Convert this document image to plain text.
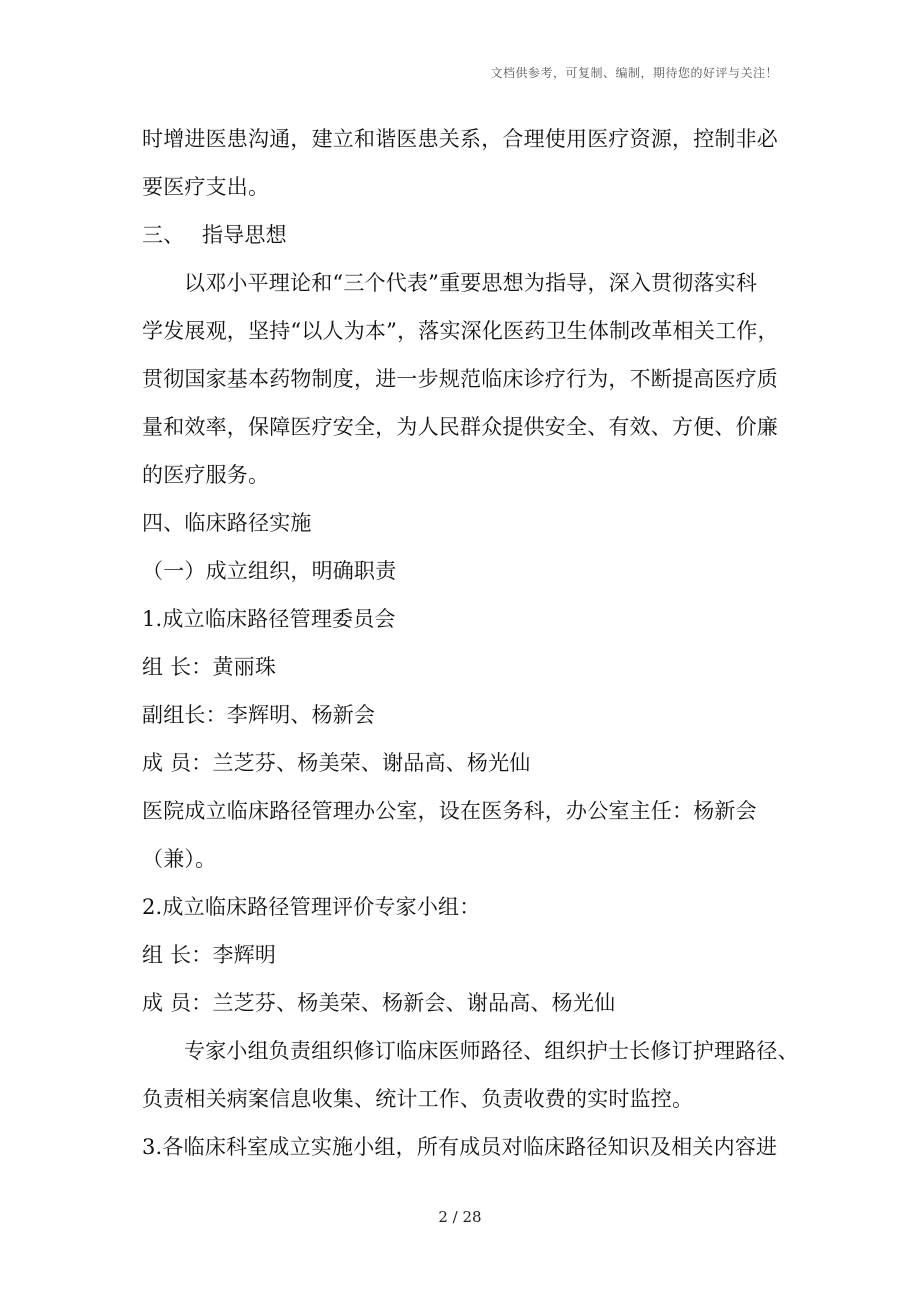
文档供参考，可复制、编制，期待您的好评与关注！
时增进医患沟通，建立和谐医患关系，合理使用医疗资源，控制非必
要医疗支出。
三、　 指导思想
以邓小平理论和“三个代表”重要思想为指导，深入贯彻落实科
学发展观，坚持“以人为本”，落实深化医药卫生体制改革相关工作，
贯彻国家基本药物制度，进一步规范临床诊疗行为，不断提高医疗质
量和效率，保障医疗安全，为人民群众提供安全、有效、方便、价廉
的医疗服务。
四、临床路径实施
（一）成立组织，明确职责
1.成立临床路径管理委员会
组 长：黄丽珠
副组长：李辉明、杨新会
成 员：兰芝芬、杨美荣、谢品高、杨光仙
医院成立临床路径管理办公室，设在医务科，办公室主任：杨新会
（兼）。
2.成立临床路径管理评价专家小组：
组 长：李辉明
成 员：兰芝芬、杨美荣、杨新会、谢品高、杨光仙
专家小组负责组织修订临床医师路径、组织护士长修订护理路径、
负责相关病案信息收集、统计工作、负责收费的实时监控。
3.各临床科室成立实施小组，所有成员对临床路径知识及相关内容进
2 / 28
